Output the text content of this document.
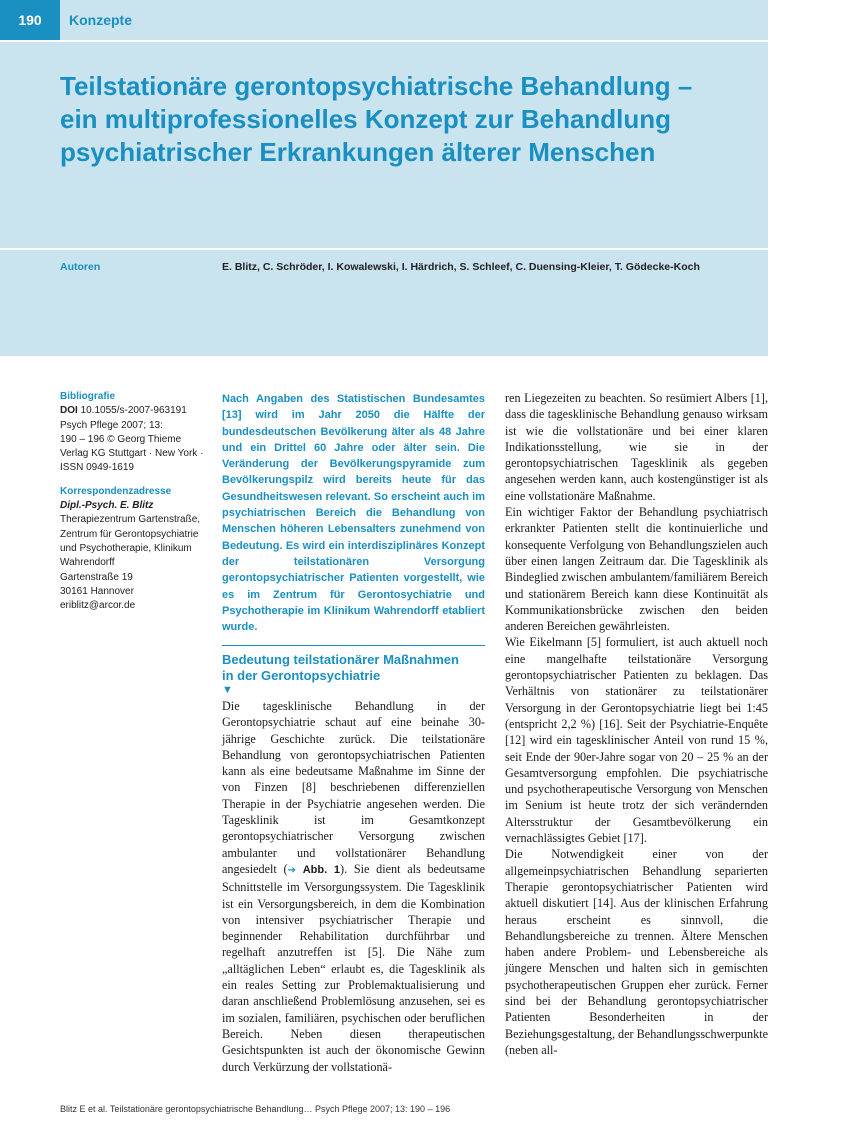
190	Konzepte
Teilstationäre gerontopsychiatrische Behandlung –
ein multiprofessionelles Konzept zur Behandlung
psychiatrischer Erkrankungen älterer Menschen
Autoren	E. Blitz, C. Schröder, I. Kowalewski, I. Härdrich, S. Schleef, C. Duensing-Kleier, T. Gödecke-Koch
Bibliografie
DOI 10.1055/s-2007-963191
Psych Pflege 2007; 13:
190 – 196 © Georg Thieme
Verlag KG Stuttgart · New York ·
ISSN 0949-1619
Korrespondenzadresse
Dipl.-Psych. E. Blitz
Therapiezentrum Gartenstraße,
Zentrum für Gerontopsychiatrie
und Psychotherapie, Klinikum
Wahrendorff
Gartenstraße 19
30161 Hannover
eriblitz@arcor.de

Nach Angaben des Statistischen Bundesamtes [13] wird im Jahr 2050 die Hälfte der bundesdeutschen Bevölkerung älter als 48 Jahre und ein Drittel 60 Jahre oder älter sein. Die Veränderung der Bevölkerungspyramide zum Bevölkerungspilz wird bereits heute für das Gesundheitswesen relevant. So erscheint auch im psychiatrischen Bereich die Behandlung von Menschen höheren Lebensalters zunehmend von Bedeutung. Es wird ein interdisziplinäres Konzept der teilstationären Versorgung gerontopsychiatrischer Patienten vorgestellt, wie es im Zentrum für Gerontosychiatrie und Psychotherapie im Klinikum Wahrendorff etabliert wurde.

Bedeutung teilstationärer Maßnahmen
in der Gerontopsychiatrie
▼
Die tagesklinische Behandlung in der Gerontopsychiatrie schaut auf eine beinahe 30-jährige Geschichte zurück. Die teilstationäre Behandlung von gerontopsychiatrischen Patienten kann als eine bedeutsame Maßnahme im Sinne der von Finzen [8] beschriebenen differenziellen Therapie in der Psychiatrie angesehen werden. Die Tagesklinik ist im Gesamtkonzept gerontopsychiatrischer Versorgung zwischen ambulanter und vollstationärer Behandlung angesiedelt (➔ Abb. 1). Sie dient als bedeutsame Schnittstelle im Versorgungssystem. Die Tagesklinik ist ein Versorgungsbereich, in dem die Kombination von intensiver psychiatrischer Therapie und beginnender Rehabilitation durchführbar und regelhaft anzutreffen ist [5]. Die Nähe zum „alltäglichen Leben“ erlaubt es, die Tagesklinik als ein reales Setting zur Problemaktualisierung und daran anschließend Problemlösung anzusehen, sei es im sozialen, familiären, psychischen oder beruflichen Bereich. Neben diesen therapeutischen Gesichtspunkten ist auch der ökonomische Gewinn durch Verkürzung der vollstationä-

ren Liegezeiten zu beachten. So resümiert Albers [1], dass die tagesklinische Behandlung genauso wirksam ist wie die vollstationäre und bei einer klaren Indikationsstellung, wie sie in der gerontopsychiatrischen Tagesklinik als gegeben angesehen werden kann, auch kostengünstiger ist als eine vollstationäre Maßnahme.

Ein wichtiger Faktor der Behandlung psychiatrisch erkrankter Patienten stellt die kontinuierliche und konsequente Verfolgung von Behandlungszielen auch über einen langen Zeitraum dar. Die Tagesklinik als Bindeglied zwischen ambulantem/familiärem Bereich und stationärem Bereich kann diese Kontinuität als Kommunikationsbrücke zwischen den beiden anderen Bereichen gewährleisten.

Wie Eikelmann [5] formuliert, ist auch aktuell noch eine mangelhafte teilstationäre Versorgung gerontopsychiatrischer Patienten zu beklagen. Das Verhältnis von stationärer zu teilstationärer Versorgung in der Gerontopsychiatrie liegt bei 1:45 (entspricht 2,2 %) [16]. Seit der Psychiatrie-Enquête [12] wird ein tagesklinischer Anteil von rund 15 %, seit Ende der 90er-Jahre sogar von 20 – 25 % an der Gesamtversorgung empfohlen. Die psychiatrische und psychotherapeutische Versorgung von Menschen im Senium ist heute trotz der sich verändernden Altersstruktur der Gesamtbevölkerung ein vernachlässigtes Gebiet [17].

Die Notwendigkeit einer von der allgemeinpsychiatrischen Behandlung separierten Therapie gerontopsychiatrischer Patienten wird aktuell diskutiert [14]. Aus der klinischen Erfahrung heraus erscheint es sinnvoll, die Behandlungsbereiche zu trennen. Ältere Menschen haben andere Problem- und Lebensbereiche als jüngere Menschen und halten sich in gemischten psychotherapeutischen Gruppen eher zurück. Ferner sind bei der Behandlung gerontopsychiatrischer Patienten Besonderheiten in der Beziehungsgestaltung, der Behandlungsschwerpunkte (neben all-

Blitz E et al. Teilstationäre gerontopsychiatrische Behandlung… Psych Pflege 2007; 13: 190 – 196
